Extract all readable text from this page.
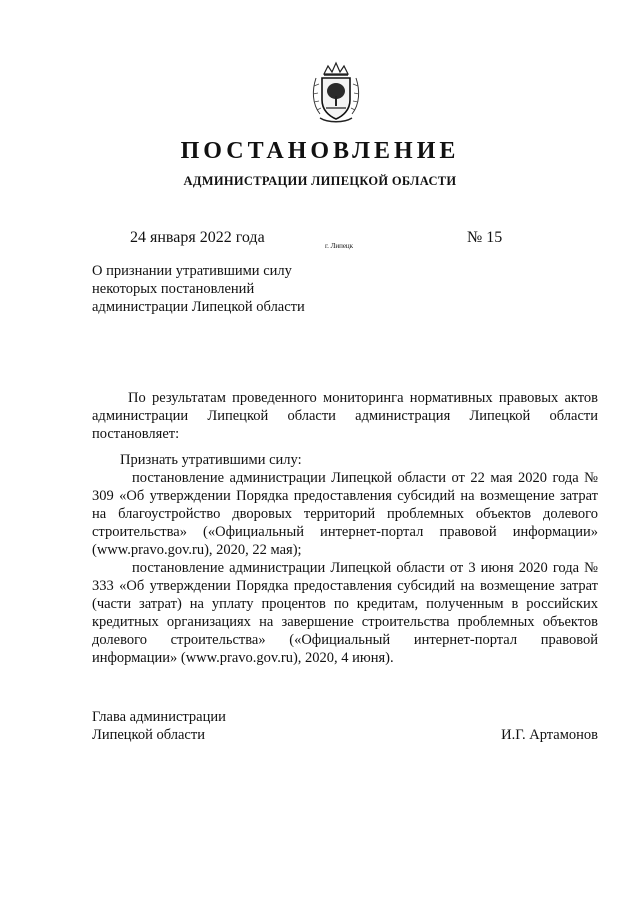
ПОСТАНОВЛЕНИЕ
АДМИНИСТРАЦИИ ЛИПЕЦКОЙ ОБЛАСТИ
24 января 2022 года	г. Липецк	№ 15
О признании утратившими силу
некоторых постановлений
администрации Липецкой области

По результатам проведенного мониторинга нормативных правовых актов администрации Липецкой области администрация Липецкой области постановляет:

Признать утратившими силу:

постановление администрации Липецкой области от 22 мая 2020 года № 309 «Об утверждении Порядка предоставления субсидий на возмещение затрат на благоустройство дворовых территорий проблемных объектов долевого строительства» («Официальный интернет-портал правовой информации» (www.pravo.gov.ru), 2020, 22 мая);

постановление администрации Липецкой области от 3 июня 2020 года № 333 «Об утверждении Порядка предоставления субсидий на возмещение затрат (части затрат) на уплату процентов по кредитам, полученным в российских кредитных организациях на завершение строительства проблемных объектов долевого строительства» («Официальный интернет-портал правовой информации» (www.pravo.gov.ru), 2020, 4 июня).

Глава администрации
Липецкой области	И.Г. Артамонов
